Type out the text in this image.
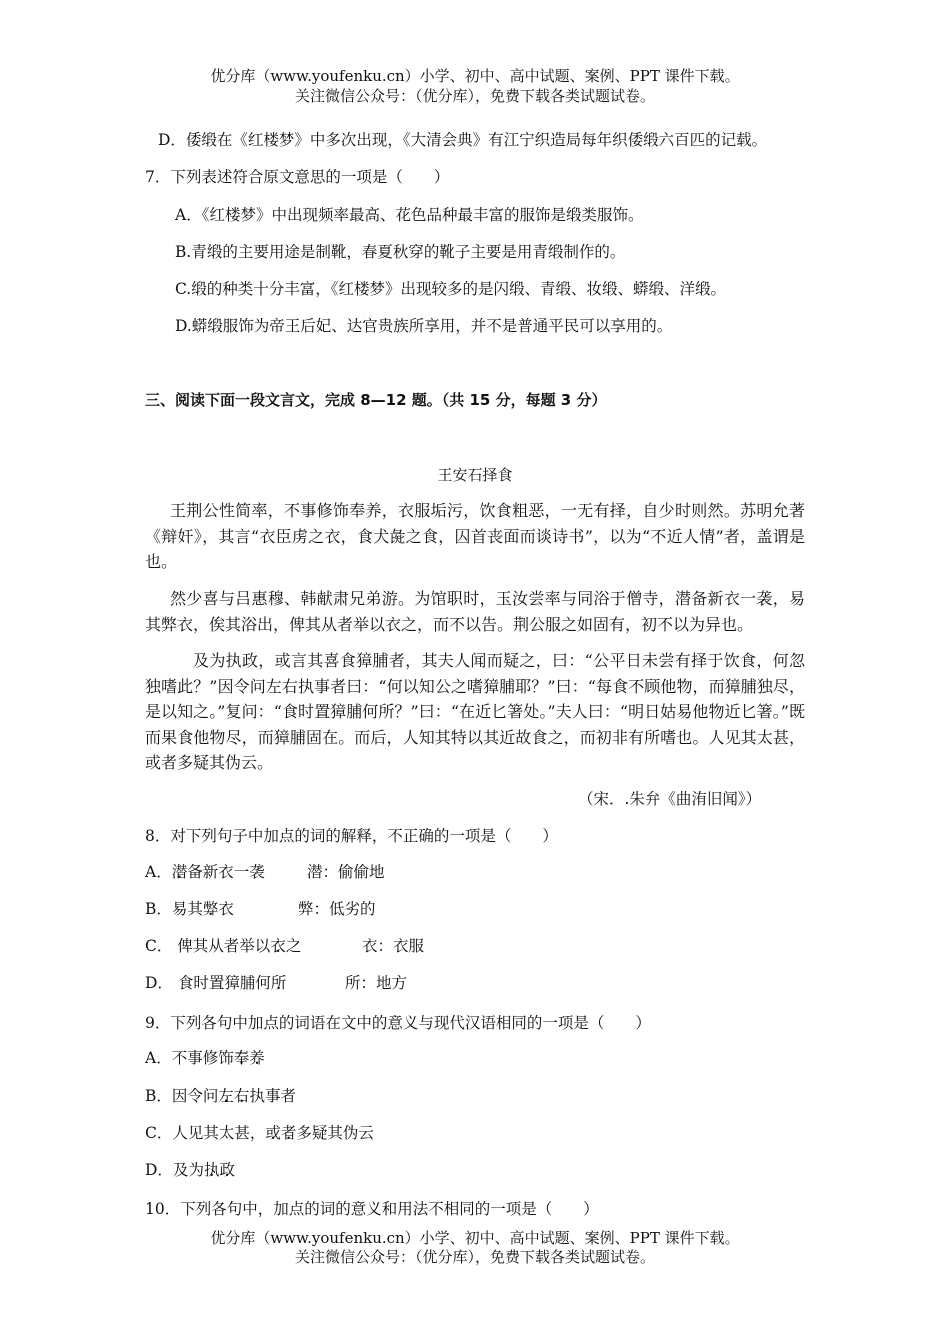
优分库（www.youfenku.cn）小学、初中、高中试题、案例、PPT 课件下载。
关注微信公众号：（优分库），免费下载各类试题试卷。
D．倭缎在《红楼梦》中多次出现，《大清会典》有江宁织造局每年织倭缎六百匹的记载。
7．下列表述符合原文意思的一项是（　　）
A．《红楼梦》中出现频率最高、花色品种最丰富的服饰是缎类服饰。
B.青缎的主要用途是制靴，春夏秋穿的靴子主要是用青缎制作的。
C.缎的种类十分丰富，《红楼梦》出现较多的是闪缎、青缎、妆缎、蟒缎、洋缎。
D.蟒缎服饰为帝王后妃、达官贵族所享用，并不是普通平民可以享用的。
三、阅读下面一段文言文，完成 8—12 题。（共 15 分，每题 3 分）
王安石择食
王荆公性简率，不事修饰奉养，衣服垢污，饮食粗恶，一无有择，自少时则然。苏明允著《辩奸》，其言“衣臣虏之衣，食犬彘之食，囚首丧面而谈诗书”，以为“不近人情”者，盖谓是也。
然少喜与吕惠穆、韩献肃兄弟游。为馆职时，玉汝尝率与同浴于僧寺，潜备新衣一袭，易其弊衣，俟其浴出，俾其从者举以衣之，而不以告。荆公服之如固有，初不以为异也。
及为执政，或言其喜食獐脯者，其夫人闻而疑之，曰：“公平日未尝有择于饮食，何忽独嗜此？”因令问左右执事者曰：“何以知公之嗜獐脯耶？”曰：“每食不顾他物，而獐脯独尽，是以知之。”复问：“食时置獐脯何所？”曰：“在近匕箸处。”夫人曰：“明日姑易他物近匕箸。”既而果食他物尽，而獐脯固在。而后，人知其特以其近故食之，而初非有所嗜也。人见其太甚，或者多疑其伪云。
（宋．.朱弁《曲洧旧闻》）
8．对下列句子中加点的词的解释，不正确的一项是（　　）
A．潜备新衣一袭	潜：偷偷地
B．易其弊衣	弊：低劣的
C． 俾其从者举以衣之	衣：衣服
D． 食时置獐脯何所	所：地方
9．下列各句中加点的词语在文中的意义与现代汉语相同的一项是（　　）
A．不事修饰奉养
B．因令问左右执事者
C．人见其太甚，或者多疑其伪云
D．及为执政
10．下列各句中，加点的词的意义和用法不相同的一项是（　　）
优分库（www.youfenku.cn）小学、初中、高中试题、案例、PPT 课件下载。
关注微信公众号：（优分库），免费下载各类试题试卷。
